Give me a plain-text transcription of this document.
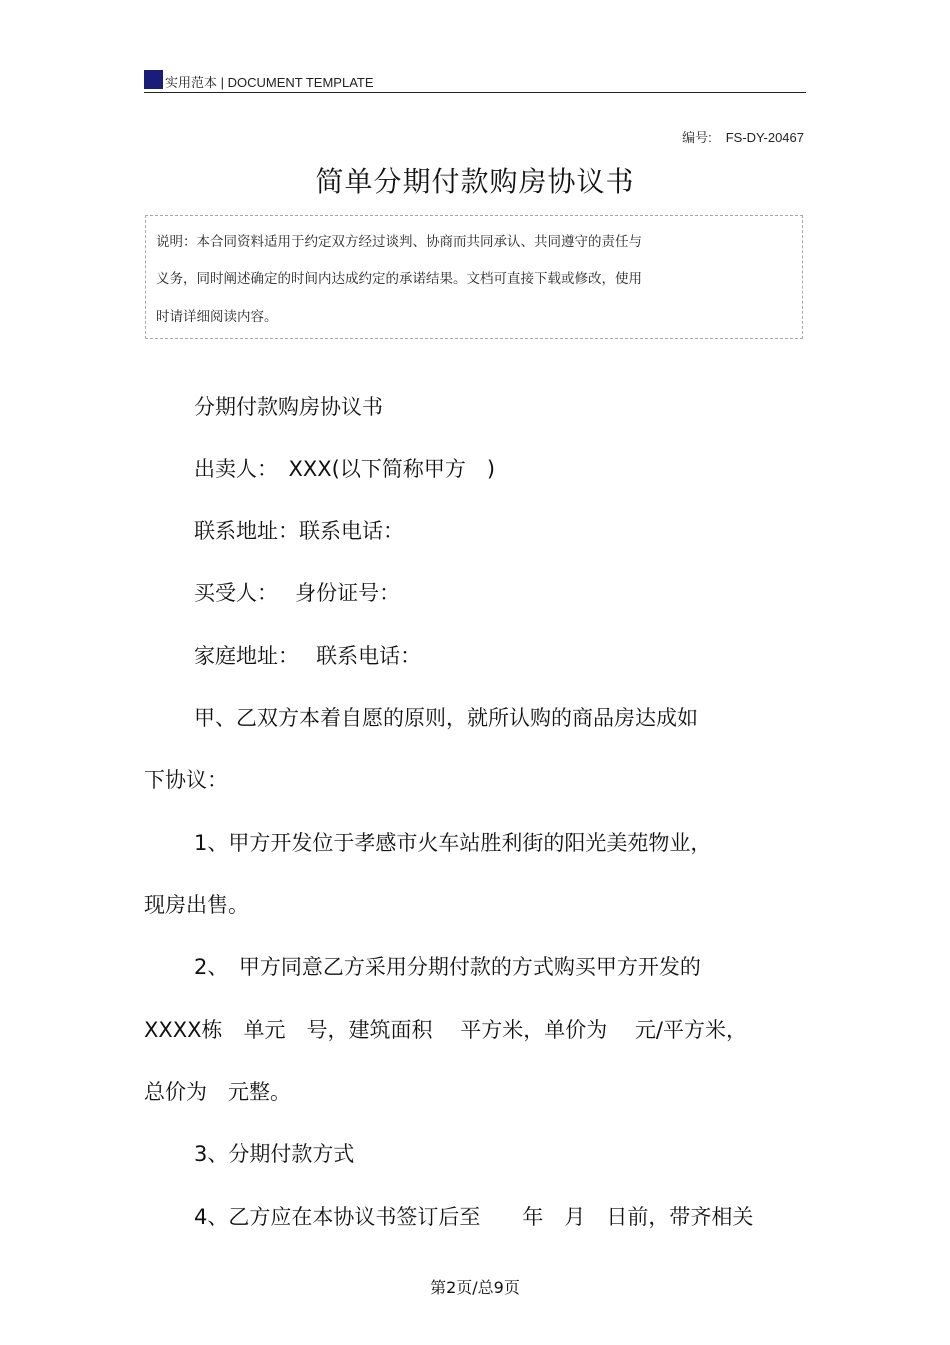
实用范本 | DOCUMENT TEMPLATE
编号: FS-DY-20467
简单分期付款购房协议书
说明：本合同资料适用于约定双方经过谈判、协商而共同承认、共同遵守的责任与
义务，同时阐述确定的时间内达成约定的承诺结果。文档可直接下载或修改，使用
时请详细阅读内容。
分期付款购房协议书
出卖人：　XXX(以下简称甲方　)
联系地址：联系电话：
买受人：　 身份证号：
家庭地址：　 联系电话：
甲、乙双方本着自愿的原则，就所认购的商品房达成如
下协议：
1、甲方开发位于孝感市火车站胜利街的阳光美苑物业，
现房出售。
2、　甲方同意乙方采用分期付款的方式购买甲方开发的
XXXX栋　单元　号，建筑面积　 平方米，单价为　 元/平方米，
总价为　元整。
3、分期付款方式
4、乙方应在本协议书签订后至　　年　月　日前，带齐相关
第2页/总9页
